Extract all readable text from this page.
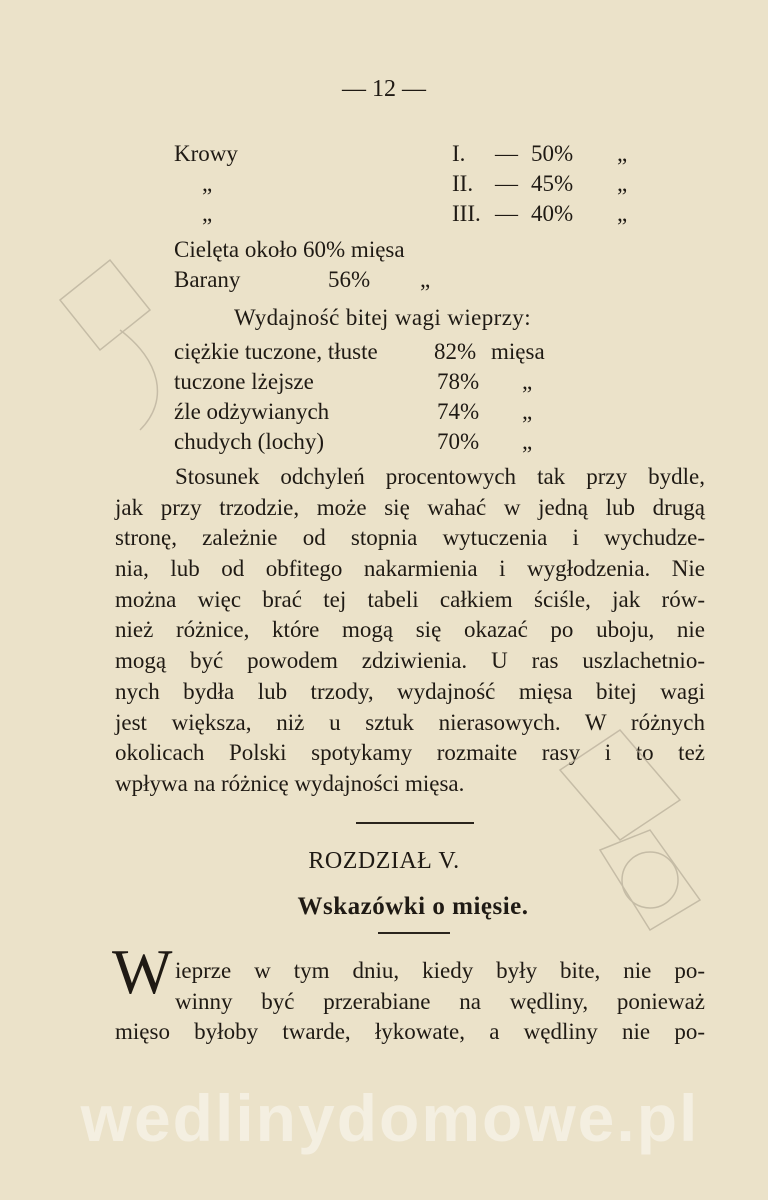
— 12 —
Krowy	I. — 50% „
„	II. — 45% „
„	III. — 40% „
Cielęta około 60% mięsa
Barany	56% „
Wydajność bitej wagi wieprzy:
ciężkie tuczone, tłuste 82% mięsa
tuczone lżejsze	78% „
źle odżywianych	74% „
chudych (lochy)	70% „
Stosunek odchyleń procentowych tak przy bydle,
jak przy trzodzie, może się wahać w jedną lub drugą
stronę, zależnie od stopnia wytuczenia i wychudze-
nia, lub od obfitego nakarmienia i wygłodzenia. Nie
można więc brać tej tabeli całkiem ściśle, jak rów-
nież różnice, które mogą się okazać po uboju, nie
mogą być powodem zdziwienia. U ras uszlachetnio-
nych bydła lub trzody, wydajność mięsa bitej wagi
jest większa, niż u sztuk nierasowych. W różnych
okolicach Polski spotykamy rozmaite rasy i to też
wpływa na różnicę wydajności mięsa.
ROZDZIAŁ V.
Wskazówki o mięsie.
W ieprze w tym dniu, kiedy były bite, nie po-
winny być przerabiane na wędliny, ponieważ
mięso byłoby twarde, łykowate, a wędliny nie po-
wedlinydomowe.pl
